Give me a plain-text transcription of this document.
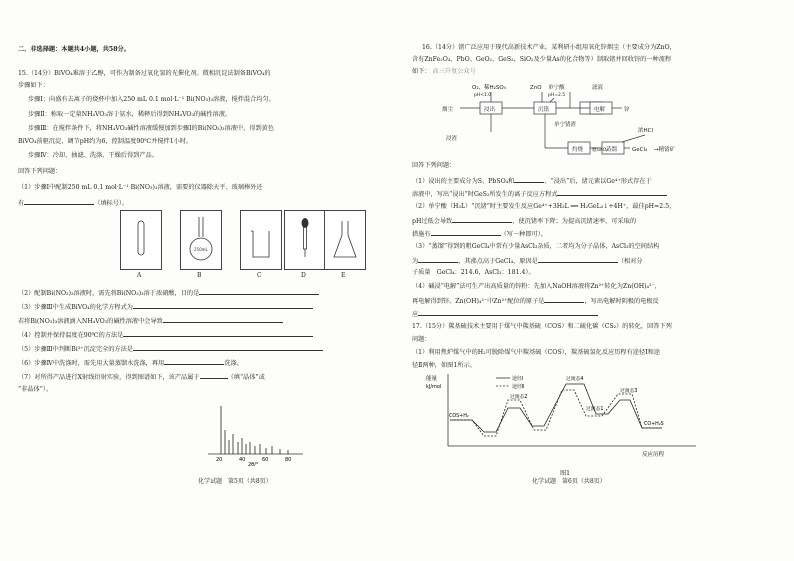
二、非选择题：本题共4小题，共58分。
15.（14分）BiVO₄难溶于乙醇，可作为制备过氧化氢的光催化剂。微相沉淀法制备BiVO₄的
步骤如下：
步骤Ⅰ：向盛有去离子的烧杯中加入250 mL 0.1 mol·L⁻¹ Bi(NO₃)₃溶液，搅拌混合均匀。
步骤Ⅱ：称取一定量NH₄VO₃溶于氨水，稀释后得到NH₄VO₃的碱性溶液。
步骤Ⅲ：在搅拌条件下，将NH₄VO₃碱性溶液缓慢加到步骤Ⅰ的Bi(NO₃)₃溶液中，得到黄色
BiVO₄前驱沉淀，调节pH约为6，控制温度90℃并搅拌1小时。
步骤Ⅳ：冷却、抽滤、洗涤、干燥后得到产品。
回答下列问题：
（1）步骤Ⅰ中配制250 mL 0.1 mol·L⁻¹ Bi(NO₃)₃溶液，需要的仪器除天平、玻璃棒外还
有	（填标号）。
250mL
A	B	C	D	E
（2）配制Bi(NO₃)₃溶液时，需先将Bi(NO₃)₃溶于浓硝酸，目的是
（3）步骤Ⅲ中生成BiVO₄的化学方程式为
若将Bi(NO₃)₃溶液滴入NH₄VO₃的碱性溶液中会导致
（4）控制并保持温度在90℃的方法是
（5）步骤Ⅲ中判断Bi³⁺沉淀完全的方法是
（6）步骤Ⅳ中洗涤时，需先用大量蒸馏水洗涤，再用	洗涤。
（7）对所得产品进行X射线衍射实验，得到图谱如下，该产品属于	（填“晶体”或
“非晶体”）。
20	40	60	80
2θ/°
化学试题　第5页（共8页）
16.（14分）锗广泛应用于现代高新技术产业。某利研小组用氧化锌烟尘（主要成分为ZnO，
含有ZnFe₂O₄、PbO、GeO₂、GeS₂、SiO₂及少量As的化合物等）制取锗并回收锌的一种流程
如下： 高三升复公众号
O₂、稀H₂SO₄
pH<1.0
ZnO 单宁酸
pH=2.5
烟尘
浸渣
单宁锗渣
滤液
锌
浓HCl
GeCl₄ →精锗矿
浸出	沉锗	电解
灼烧	蒸馏
粗GeO₂
回答下列问题：
（1）浸出的主要成分为S、PbSO₄和	、“浸出”后，锗元素以Ge⁴⁺形式存在于
溶液中，写出“浸出”时GeS₂所发生的离子反应方程式
（2）单宁酸（H₃L）“沉锗”时主要发生反应Ge⁴⁺+3H₃L ══ H₂GeL₃↓+4H⁺，最佳pH=2.5，
pH过低会导致	，使沉锗率下降；为提高沉锗速率，可采取的
措施有	（写一种即可）。
（3）“蒸馏”得到的粗GeCl₄中常有少量AsCl₃杂质，二者均为分子晶体，AsCl₃的空间结构
为	，其沸点高于GeCl₄，原因是	（相对分
子质量　GeCl₄：214.6，AsCl₃：181.4）。
（4）碱浸“电解”法可生产出高质量的锌粉：先加入NaOH溶液将Zn²⁺转化为Zn(OH)₄²⁻，
再电解得到锌。Zn(OH)₄²⁻中Zn²⁺配位的原子是	，写出电解时阴极的电极反
应
17.（15分）羰基硫技术主要用于煤气中羰基硫（COS）和二硫化碳（CS₂）的转化，回答下列
问题：
（1）利用焦炉煤气中的H₂可脱除煤气中羰基硫（COS），羰基硫氢化反应历程有途径Ⅰ和途
径Ⅱ两种，如图1所示。
能量
kJ/mol
途径Ⅰ
途径Ⅱ
过渡态4
过渡态2
过渡态3
过渡态1
COS+H₂
CO+H₂S
反应历程
图1
化学试题　第6页（共8页）
